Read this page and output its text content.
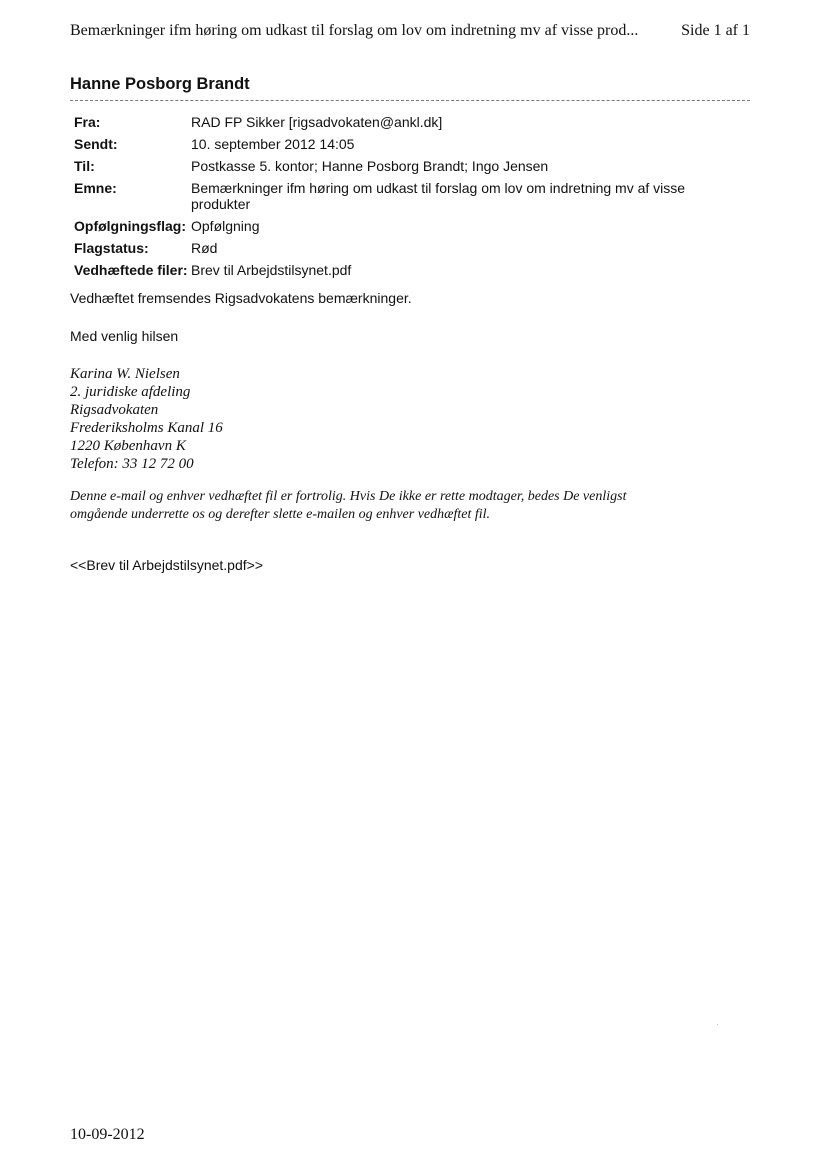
Bemærkninger ifm høring om udkast til forslag om lov om indretning mv af visse prod...	Side 1 af 1
Hanne Posborg Brandt
Fra:	RAD FP Sikker [rigsadvokaten@ankl.dk]
Sendt:	10. september 2012 14:05
Til:	Postkasse 5. kontor; Hanne Posborg Brandt; Ingo Jensen
Emne:	Bemærkninger ifm høring om udkast til forslag om lov om indretning mv af visse produkter
Opfølgningsflag: Opfølgning
Flagstatus:	Rød
Vedhæftede filer: Brev til Arbejdstilsynet.pdf
Vedhæftet fremsendes Rigsadvokatens bemærkninger.
Med venlig hilsen
Karina W. Nielsen
2. juridiske afdeling
Rigsadvokaten
Frederiksholms Kanal 16
1220 København K
Telefon: 33 12 72 00
Denne e-mail og enhver vedhæftet fil er fortrolig. Hvis De ikke er rette modtager, bedes De venligst
omgående underrette os og derefter slette e-mailen og enhver vedhæftet fil.
<<Brev til Arbejdstilsynet.pdf>>
10-09-2012
